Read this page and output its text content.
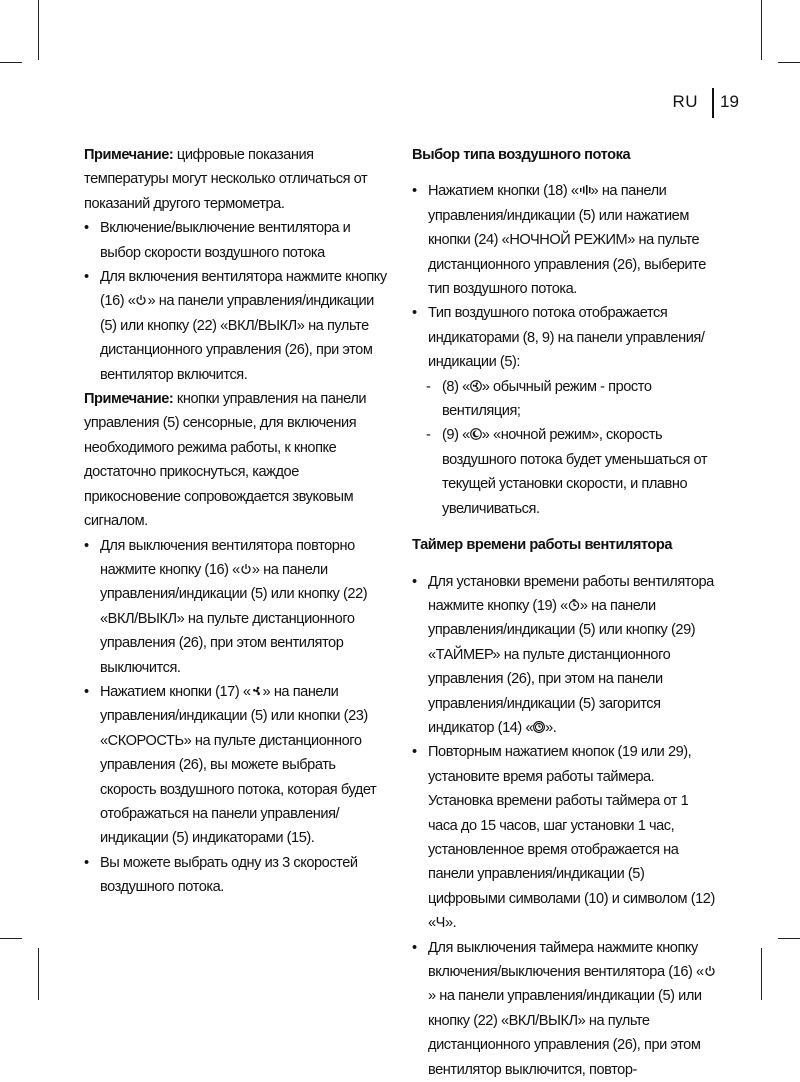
RU 19

Примечание: цифровые показания температуры могут несколько отличаться от показаний другого термометра.

• Включение/выключение вентилятора и выбор скорости воздушного потока
• Для включения вентилятора нажмите кнопку (16) « » на панели управления/индикации (5) или кнопку (22) «ВКЛ/ВЫКЛ» на пульте дистанционного управления (26), при этом вентилятор включится.

Примечание: кнопки управления на панели управления (5) сенсорные, для включения необходимого режима работы, к кнопке достаточно прикоснуться, каждое прикосновение сопровождается звуковым сигналом.

• Для выключения вентилятора повторно нажмите кнопку (16) « » на панели управления/индикации (5) или кнопку (22) «ВКЛ/ВЫКЛ» на пульте дистанционного управления (26), при этом вентилятор выключится.
• Нажатием кнопки (17) « » на панели управления/индикации (5) или кнопки (23) «СКОРОСТЬ» на пульте дистанционного управления (26), вы можете выбрать скорость воздушного потока, которая будет отображаться на панели управления/индикации (5) индикаторами (15).
• Вы можете выбрать одну из 3 скоростей воздушного потока.

Выбор типа воздушного потока

• Нажатием кнопки (18) « » на панели управления/индикации (5) или нажатием кнопки (24) «НОЧНОЙ РЕЖИМ» на пульте дистанционного управления (26), выберите тип воздушного потока.
• Тип воздушного потока отображается индикаторами (8, 9) на панели управления/индикации (5):
- (8) « » обычный режим - просто вентиляция;
- (9) « » «ночной режим», скорость воздушного потока будет уменьшаться от текущей установки скорости, и плавно увеличиваться.

Таймер времени работы вентилятора

• Для установки времени работы вентилятора нажмите кнопку (19) « » на панели управления/индикации (5) или кнопку (29) «ТАЙМЕР» на пульте дистанционного управления (26), при этом на панели управления/индикации (5) загорится индикатор (14) « ».
• Повторным нажатием кнопок (19 или 29), установите время работы таймера. Установка времени работы таймера от 1 часа до 15 часов, шаг установки 1 час, установленное время отображается на панели управления/индикации (5) цифровыми символами (10) и символом (12) «Ч».
• Для выключения таймера нажмите кнопку включения/выключения вентилятора (16) «
» на панели управления/индикации (5) или кнопку (22) «ВКЛ/ВЫКЛ» на пульте дистанционного управления (26), при этом вентилятор выключится, повтор-
